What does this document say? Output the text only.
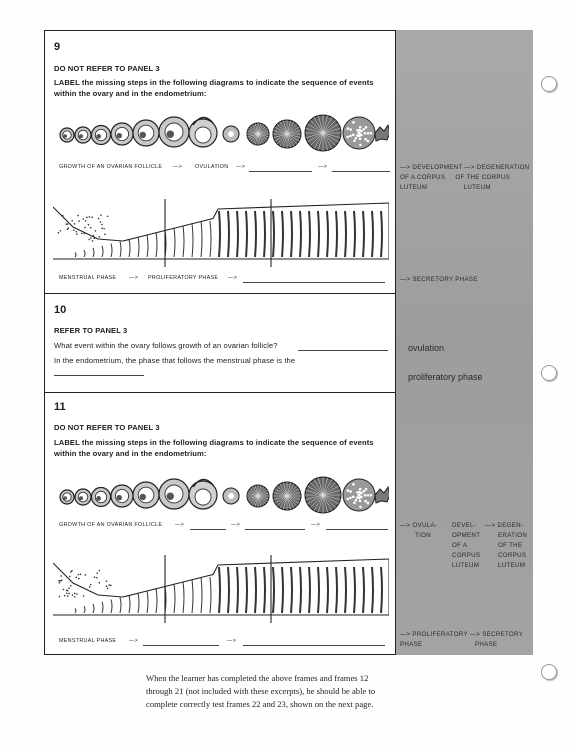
9
DO NOT REFER TO PANEL 3
LABEL the missing steps in the following diagrams to indicate the sequence of events
within the ovary and in the endometrium:
GROWTH OF AN OVARIAN FOLLICLE —> OVULATION —>	—>
MENSTRUAL PHASE —> PROLIFERATORY PHASE —>
10
REFER TO PANEL 3
What event within the ovary follows growth of an ovarian follicle?
In the endometrium, the phase that follows the menstrual phase is the
11
DO NOT REFER TO PANEL 3
LABEL the missing steps in the following diagrams to indicate the sequence of events
within the ovary and in the endometrium:
GROWTH OF AN OVARIAN FOLLICLE —>	—>	—>
MENSTRUAL PHASE —>	—>
—> DEVELOPMENT —> DEGENERATION
OF A CORPUS     OF THE CORPUS
LUTEUM                  LUTEUM
—> SECRETORY PHASE
ovulation
proliferatory phase
—> OVULA-
TION
DEVEL-
OPMENT
OF A
CORPUS
LUTEUM
—> DEGEN-
ERATION
OF THE
CORPUS
LUTEUM
—> PROLIFERATORY —> SECRETORY
PHASE                          PHASE
When the learner has completed the above frames and frames 12
through 21 (not included with these excerpts), he should be able to
complete correctly test frames 22 and 23, shown on the next page.
